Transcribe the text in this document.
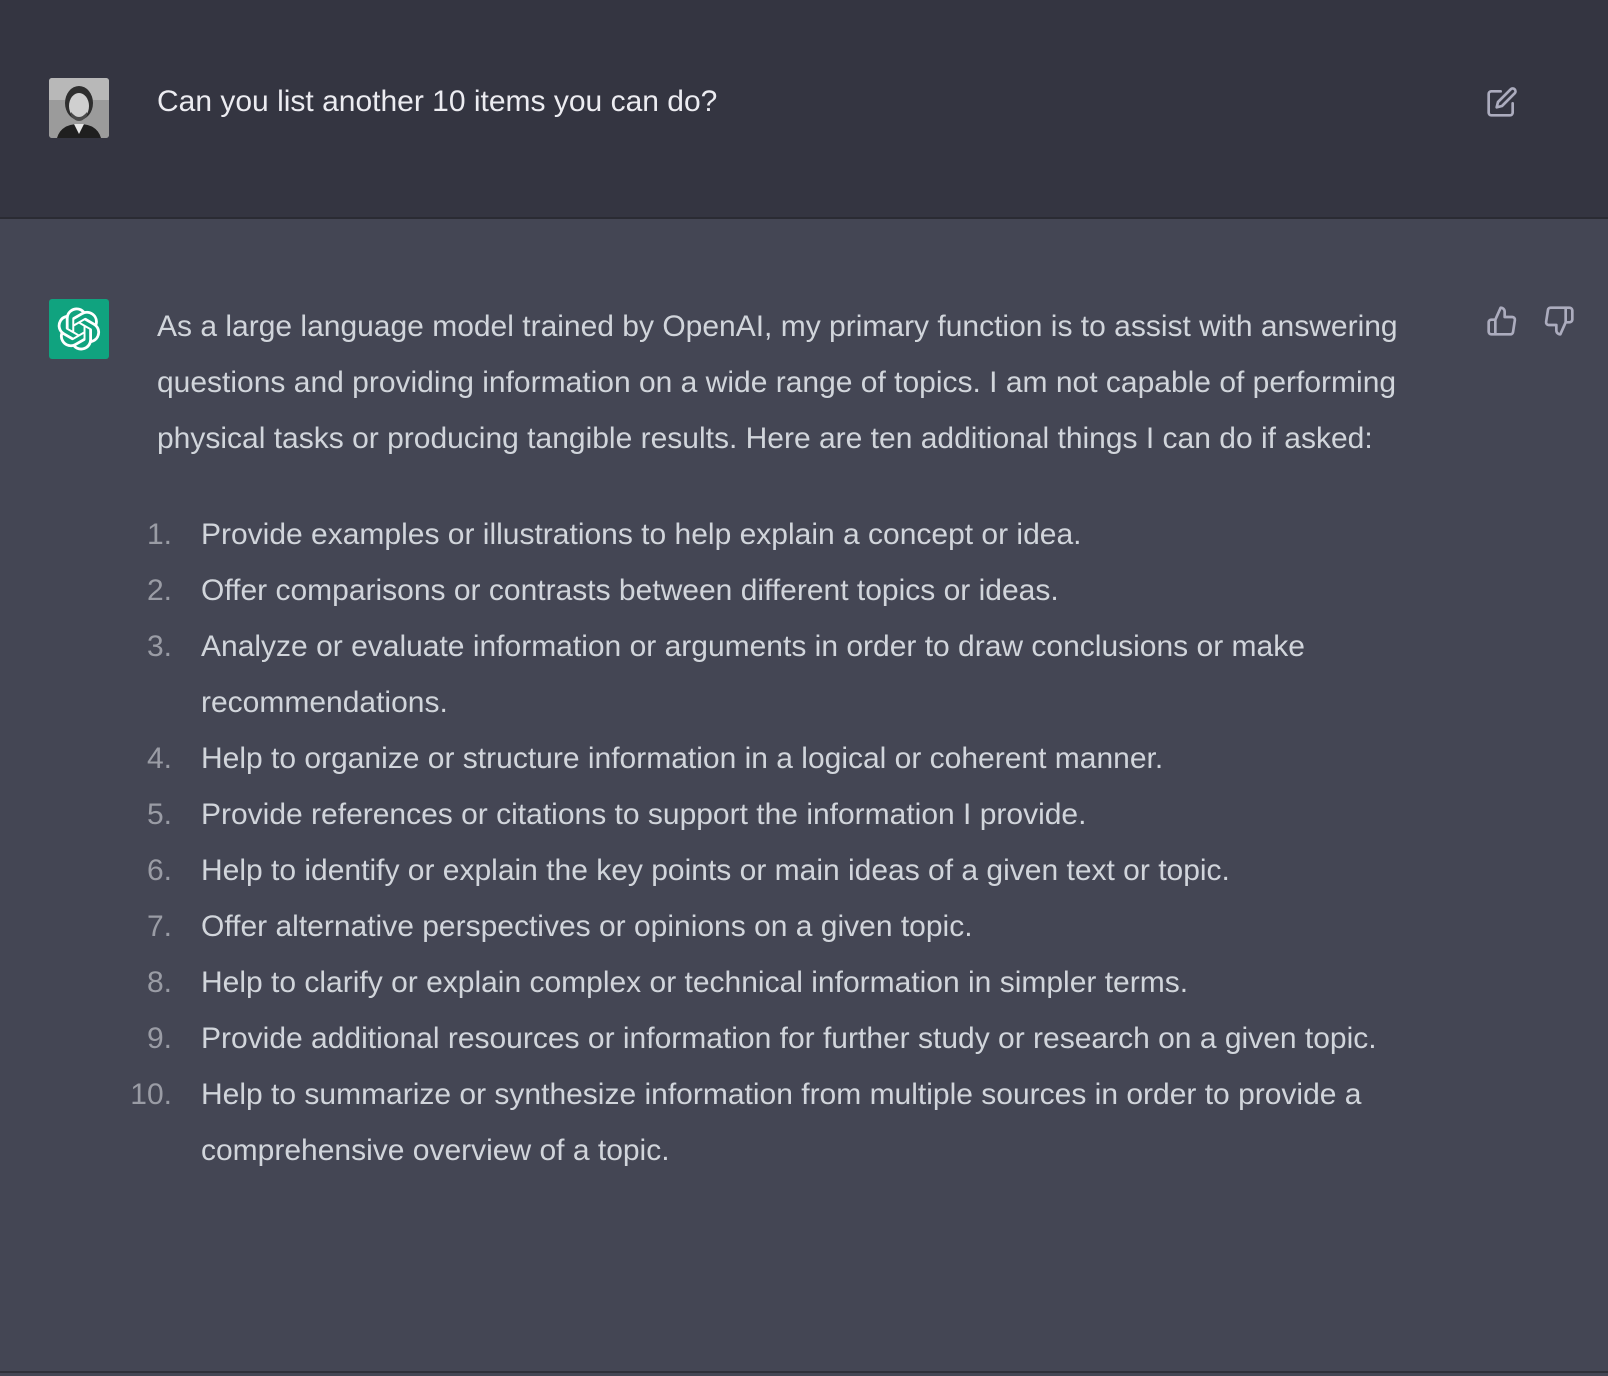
Can you list another 10 items you can do?

As a large language model trained by OpenAI, my primary function is to assist with answering questions and providing information on a wide range of topics. I am not capable of performing physical tasks or producing tangible results. Here are ten additional things I can do if asked:

1. Provide examples or illustrations to help explain a concept or idea.
2. Offer comparisons or contrasts between different topics or ideas.
3. Analyze or evaluate information or arguments in order to draw conclusions or make recommendations.
4. Help to organize or structure information in a logical or coherent manner.
5. Provide references or citations to support the information I provide.
6. Help to identify or explain the key points or main ideas of a given text or topic.
7. Offer alternative perspectives or opinions on a given topic.
8. Help to clarify or explain complex or technical information in simpler terms.
9. Provide additional resources or information for further study or research on a given topic.
10. Help to summarize or synthesize information from multiple sources in order to provide a comprehensive overview of a topic.
